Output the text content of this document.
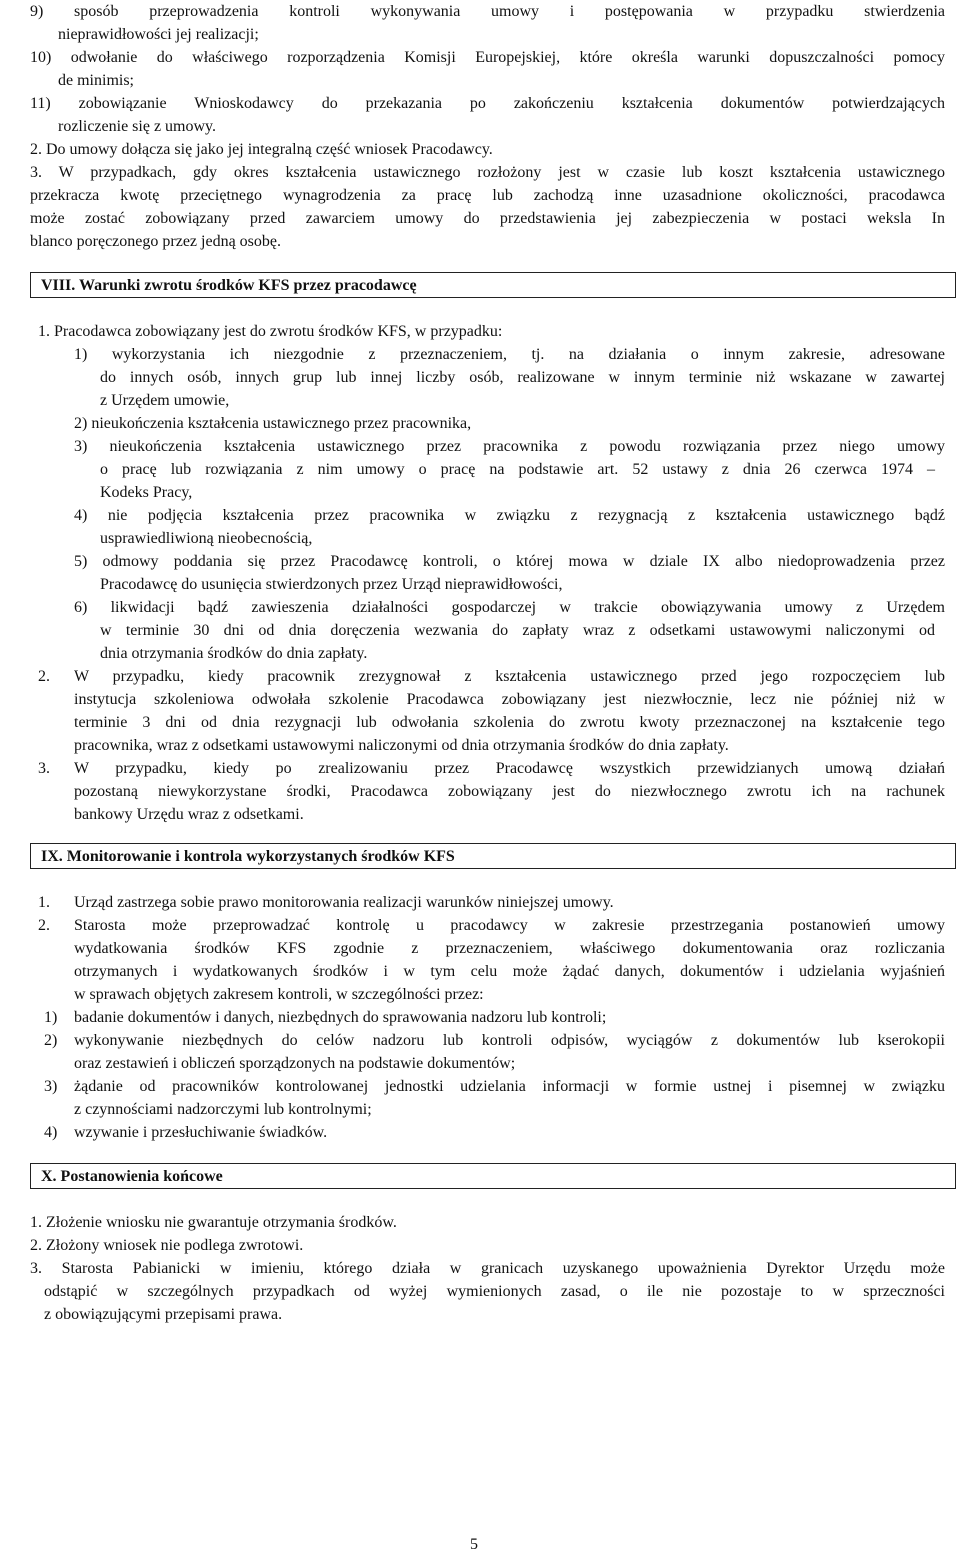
9) sposób przeprowadzenia kontroli wykonywania umowy i postępowania w przypadku stwierdzenia
nieprawidłowości jej realizacji;
10) odwołanie do właściwego rozporządzenia Komisji Europejskiej, które określa warunki dopuszczalności pomocy
de minimis;
11) zobowiązanie Wnioskodawcy do przekazania po zakończeniu kształcenia dokumentów potwierdzających
rozliczenie się z umowy.
2. Do umowy dołącza się jako jej integralną część wniosek Pracodawcy.
3. W przypadkach, gdy okres kształcenia ustawicznego rozłożony jest w czasie lub koszt kształcenia ustawicznego
przekracza kwotę przeciętnego wynagrodzenia za pracę lub zachodzą inne uzasadnione okoliczności, pracodawca
może zostać zobowiązany przed zawarciem umowy do przedstawienia jej zabezpieczenia w postaci weksla In
blanco poręczonego przez jedną osobę.
VIII. Warunki zwrotu środków KFS przez pracodawcę
1. Pracodawca zobowiązany jest do zwrotu środków KFS, w przypadku:
1) wykorzystania ich niezgodnie z przeznaczeniem, tj. na działania o innym zakresie, adresowane
do innych osób, innych grup lub innej liczby osób, realizowane w innym terminie niż wskazane w zawartej
z Urzędem umowie,
2) nieukończenia kształcenia ustawicznego przez pracownika,
3) nieukończenia kształcenia ustawicznego przez pracownika z powodu rozwiązania przez niego umowy
o pracę lub rozwiązania z nim umowy o pracę na podstawie art. 52 ustawy z dnia 26 czerwca 1974 –
Kodeks Pracy,
4) nie podjęcia kształcenia przez pracownika w związku z rezygnacją z kształcenia ustawicznego bądź
usprawiedliwioną nieobecnością,
5) odmowy poddania się przez Pracodawcę kontroli, o której mowa w dziale IX albo niedoprowadzenia przez
Pracodawcę do usunięcia stwierdzonych przez Urząd nieprawidłowości,
6) likwidacji bądź zawieszenia działalności gospodarczej w trakcie obowiązywania umowy z Urzędem
w terminie 30 dni od dnia doręczenia wezwania do zapłaty wraz z odsetkami ustawowymi naliczonymi od
dnia otrzymania środków do dnia zapłaty.
2. W przypadku, kiedy pracownik zrezygnował z kształcenia ustawicznego przed jego rozpoczęciem lub
instytucja szkoleniowa odwołała szkolenie Pracodawca zobowiązany jest niezwłocznie, lecz nie później niż w
terminie 3 dni od dnia rezygnacji lub odwołania szkolenia do zwrotu kwoty przeznaczonej na kształcenie tego
pracownika, wraz z odsetkami ustawowymi naliczonymi od dnia otrzymania środków do dnia zapłaty.
3. W przypadku, kiedy po zrealizowaniu przez Pracodawcę wszystkich przewidzianych umową działań
pozostaną niewykorzystane środki, Pracodawca zobowiązany jest do niezwłocznego zwrotu ich na rachunek
bankowy Urzędu wraz z odsetkami.
IX. Monitorowanie i kontrola wykorzystanych środków KFS
1. Urząd zastrzega sobie prawo monitorowania realizacji warunków niniejszej umowy.
2. Starosta może przeprowadzać kontrolę u pracodawcy w zakresie przestrzegania postanowień umowy
wydatkowania środków KFS zgodnie z przeznaczeniem, właściwego dokumentowania oraz rozliczania
otrzymanych i wydatkowanych środków i w tym celu może żądać danych, dokumentów i udzielania wyjaśnień
w sprawach objętych zakresem kontroli, w szczególności przez:
1) badanie dokumentów i danych, niezbędnych do sprawowania nadzoru lub kontroli;
2) wykonywanie niezbędnych do celów nadzoru lub kontroli odpisów, wyciągów z dokumentów lub kserokopii
oraz zestawień i obliczeń sporządzonych na podstawie dokumentów;
3) żądanie od pracowników kontrolowanej jednostki udzielania informacji w formie ustnej i pisemnej w związku
z czynnościami nadzorczymi lub kontrolnymi;
4) wzywanie i przesłuchiwanie świadków.
X. Postanowienia końcowe
1. Złożenie wniosku nie gwarantuje otrzymania środków.
2. Złożony wniosek nie podlega zwrotowi.
3. Starosta Pabianicki w imieniu, którego działa w granicach uzyskanego upoważnienia Dyrektor Urzędu może
odstąpić w szczególnych przypadkach od wyżej wymienionych zasad, o ile nie pozostaje to w sprzeczności
z obowiązującymi przepisami prawa.
5
